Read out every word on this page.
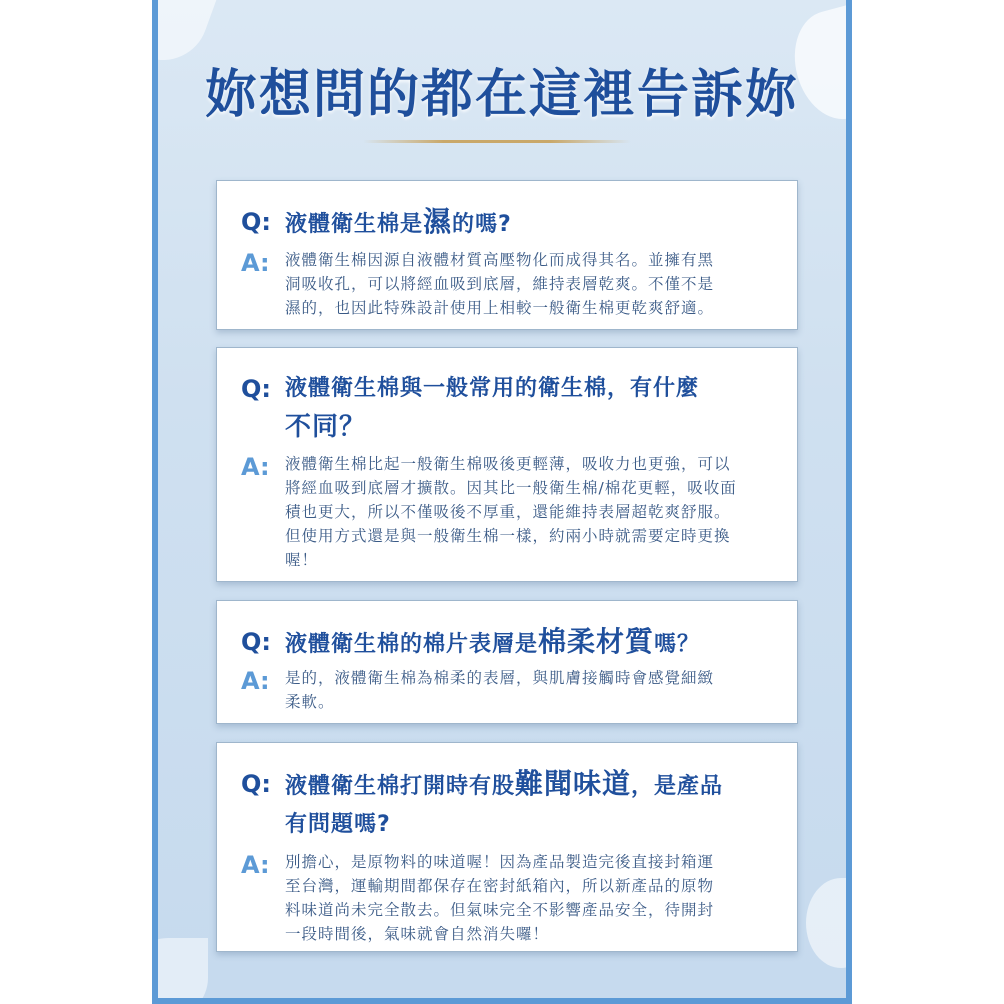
妳想問的都在這裡告訴妳
Q: 液體衛生棉是濕的嗎?
A: 液體衛生棉因源自液體材質高壓物化而成得其名。並擁有黑
洞吸收孔，可以將經血吸到底層，維持表層乾爽。不僅不是
濕的，也因此特殊設計使用上相較一般衛生棉更乾爽舒適。
Q: 液體衛生棉與一般常用的衛生棉，有什麼
不同？
A: 液體衛生棉比起一般衛生棉吸後更輕薄，吸收力也更強，可以
將經血吸到底層才擴散。因其比一般衛生棉/棉花更輕，吸收面
積也更大，所以不僅吸後不厚重，還能維持表層超乾爽舒服。
但使用方式還是與一般衛生棉一樣，約兩小時就需要定時更換
喔！
Q: 液體衛生棉的棉片表層是棉柔材質嗎？
A: 是的，液體衛生棉為棉柔的表層，與肌膚接觸時會感覺細緻
柔軟。
Q: 液體衛生棉打開時有股難聞味道，是產品
有問題嗎?
A: 別擔心，是原物料的味道喔！因為產品製造完後直接封箱運
至台灣，運輸期間都保存在密封紙箱內，所以新產品的原物
料味道尚未完全散去。但氣味完全不影響產品安全，待開封
一段時間後，氣味就會自然消失囉！
